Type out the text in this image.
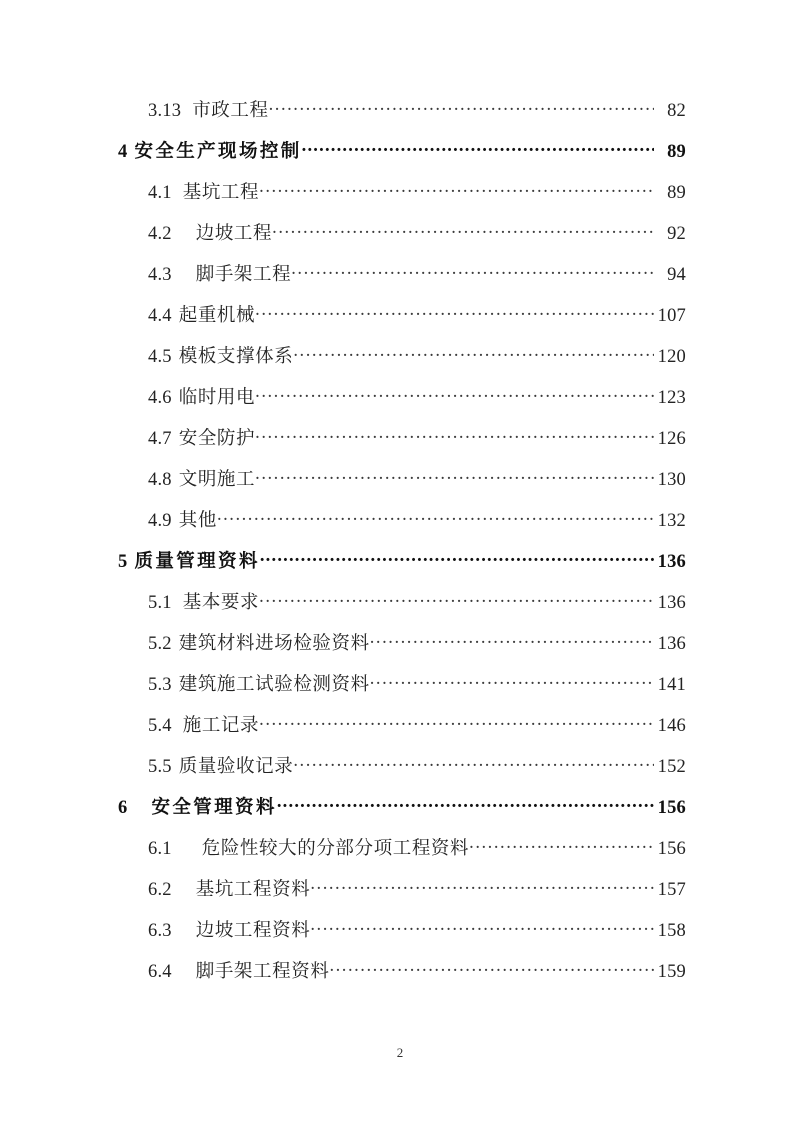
3.13 市政工程 .....	82
4 安全生产现场控制 .....	89
4.1 基坑工程 .....	89
4.2 边坡工程 .....	92
4.3 脚手架工程 .....	94
4.4 起重机械 .....	107
4.5 模板支撑体系 .....	120
4.6 临时用电 .....	123
4.7 安全防护 .....	126
4.8 文明施工 .....	130
4.9 其他 .....	132
5 质量管理资料 .....	136
5.1 基本要求 .....	136
5.2 建筑材料进场检验资料 .....	136
5.3 建筑施工试验检测资料 .....	141
5.4 施工记录 .....	146
5.5 质量验收记录 .....	152
6 安全管理资料 .....	156
6.1 危险性较大的分部分项工程资料 .....	156
6.2 基坑工程资料 .....	157
6.3 边坡工程资料 .....	158
6.4 脚手架工程资料 .....	159
2
